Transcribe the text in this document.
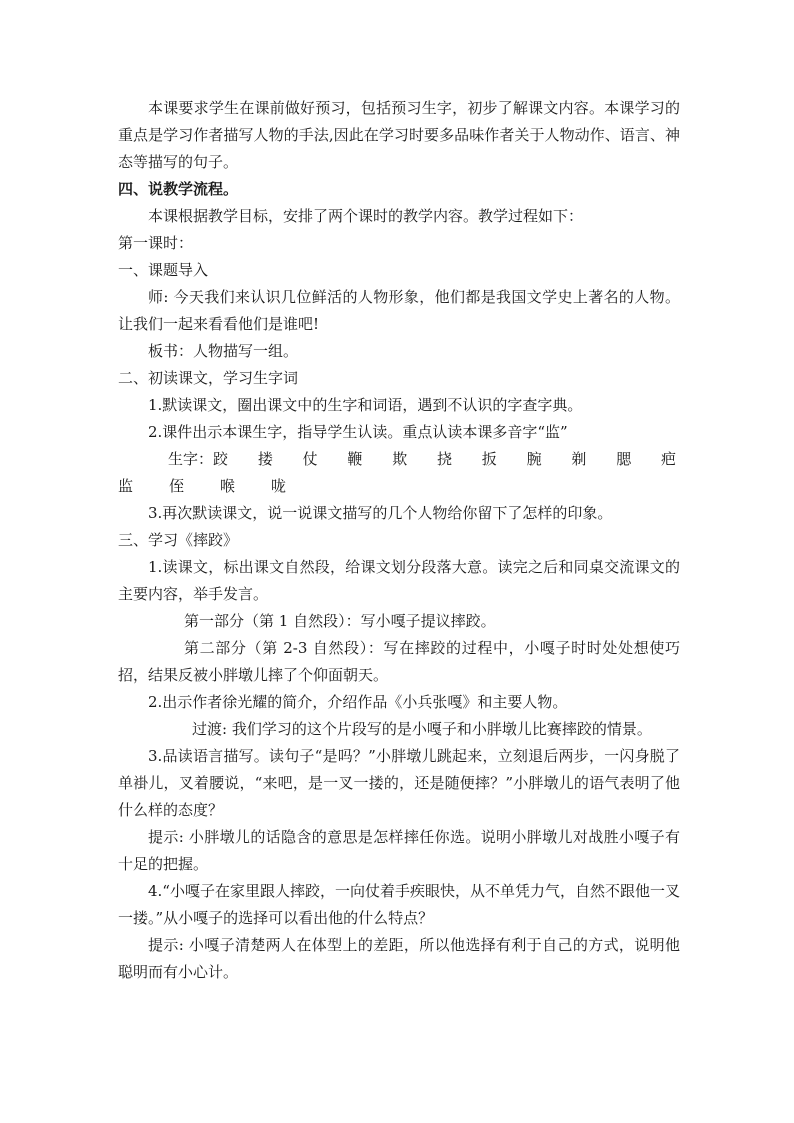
本课要求学生在课前做好预习，包括预习生字，初步了解课文内容。本课学习的重点是学习作者描写人物的手法,因此在学习时要多品味作者关于人物动作、语言、神态等描写的句子。

四、说教学流程。

本课根据教学目标，安排了两个课时的教学内容。教学过程如下：

第一课时：

一、课题导入

师: 今天我们来认识几位鲜活的人物形象，他们都是我国文学史上著名的人物。让我们一起来看看他们是谁吧!

板书：人物描写一组。

二、初读课文，学习生字词

1.默读课文，圈出课文中的生字和词语，遇到不认识的字查字典。

2.课件出示本课生字，指导学生认读。重点认读本课多音字“监”

生字：跤 搂 仗 鞭 欺 挠 扳 腕 剃 腮 疤
监 侄 喉 咙

3.再次默读课文，说一说课文描写的几个人物给你留下了怎样的印象。

三、学习《摔跤》

1.读课文，标出课文自然段，给课文划分段落大意。读完之后和同桌交流课文的主要内容，举手发言。

第一部分（第 1 自然段）：写小嘎子提议摔跤。

第二部分（第 2-3 自然段）：写在摔跤的过程中，小嘎子时时处处想使巧招，结果反被小胖墩儿摔了个仰面朝天。

2.出示作者徐光耀的简介，介绍作品《小兵张嘎》和主要人物。

过渡: 我们学习的这个片段写的是小嘎子和小胖墩儿比赛摔跤的情景。

3.品读语言描写。读句子“是吗？”小胖墩儿跳起来，立刻退后两步，一闪身脱了单褂儿，叉着腰说，“来吧，是一叉一搂的，还是随便摔？”小胖墩儿的语气表明了他什么样的态度？

提示: 小胖墩儿的话隐含的意思是怎样摔任你选。说明小胖墩儿对战胜小嘎子有十足的把握。

4.“小嘎子在家里跟人摔跤，一向仗着手疾眼快，从不单凭力气，自然不跟他一叉一搂。”从小嘎子的选择可以看出他的什么特点？

提示: 小嘎子清楚两人在体型上的差距，所以他选择有利于自己的方式，说明他聪明而有小心计。
